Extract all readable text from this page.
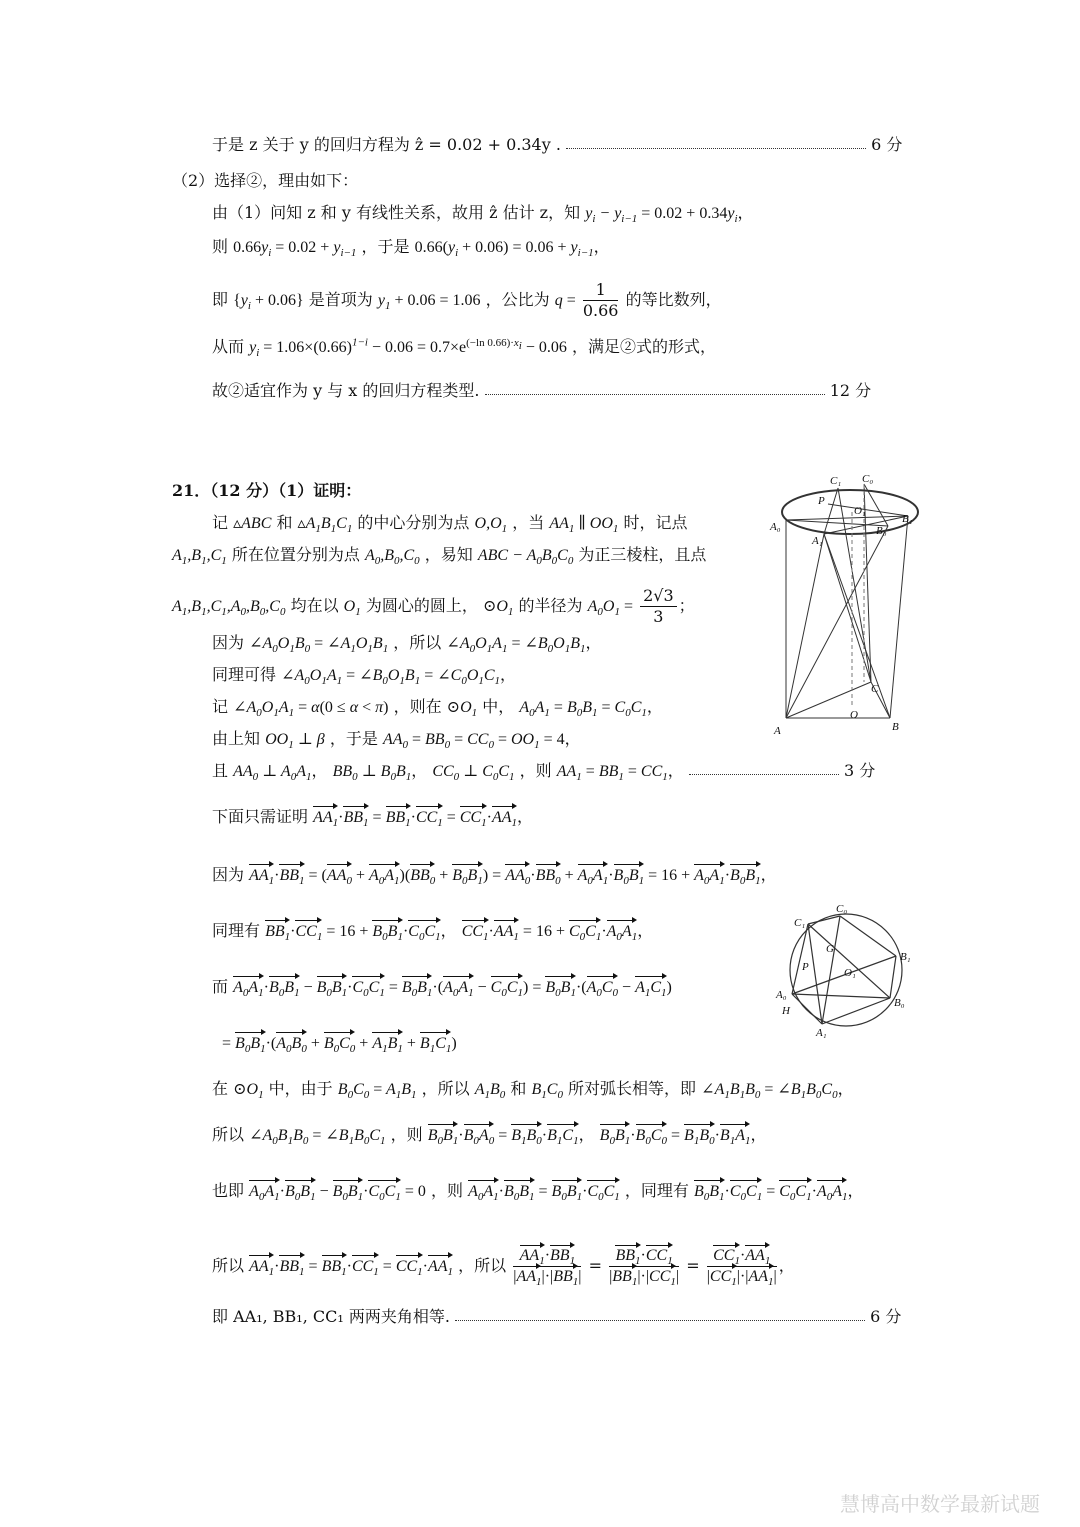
于是 z 关于 y 的回归方程为 ẑ = 0.02 + 0.34y .	6 分
（2）选择②，理由如下：
由（1）问知 z 和 y 有线性关系，故用 ẑ 估计 z，知 $y_i - y_{i-1} = 0.02 + 0.34y_i$，
则 $0.66y_i = 0.02 + y_{i-1}$ ，于是 $0.66(y_i + 0.06) = 0.06 + y_{i-1}$，
即 $\{y_i + 0.06\}$ 是首项为 $y_1 + 0.06 = 1.06$ ，公比为 $q = \frac{1}{0.66}$ 的等比数列，
从而 $y_i = 1.06\times(0.66)^{1-i} - 0.06 = 0.7\times e^{(-ln 0.66)\cdot x_i} - 0.06$ ，满足②式的形式，
故②适宜作为 y 与 x 的回归方程类型.	12 分
21．（12 分）（1）证明：
记 ▵ABC 和 $▵A_1B_1C_1$ 的中心分别为点 $O,O_1$ ，当 $AA_1$ ∥ $OO_1$ 时，记点
$A_1,B_1,C_1$ 所在位置分别为点 $A_0,B_0,C_0$ ，易知 ABC − $A_0B_0C_0$ 为正三棱柱，且点
$A_1,B_1,C_1,A_0,B_0,C_0$ 均在以 $O_1$ 为圆心的圆上， $⊙O_1$ 的半径为 $A_0O_1 = \frac{2√3}{3}$ ；
因为 $\angle A_0O_1B_0$ = $\angle A_1O_1B_1$ ，所以 $\angle A_0O_1A_1$ = $\angle B_0O_1B_1$，
同理可得 $\angle A_0O_1A_1$ = $\angle B_0O_1B_1$ = $\angle C_0O_1C_1$，
记 $\angle A_0O_1A_1 = \alpha(0 \le \alpha < \pi)$ ，则在 $⊙O_1$ 中， $A_0A_1 = B_0B_1 = C_0C_1$，
由上知 $OO_1$ ⊥ β ，于是 $AA_0 = BB_0 = CC_0 = OO_1 = 4$，
且 $AA_0$ ⊥ $A_0A_1$， $BB_0$ ⊥ $B_0B_1$， $CC_0$ ⊥ $C_0C_1$ ，则 $AA_1 = BB_1 = CC_1$，	3 分
下面只需证明 $AA_1\cdot BB_1 = BB_1\cdot CC_1 = CC_1\cdot AA_1$，
因为 $AA_1\cdot BB_1 = (AA_0 + A_0A_1)(BB_0 + B_0B_1) = AA_0\cdot BB_0 + A_0A_1\cdot B_0B_1 = 16 + A_0A_1\cdot B_0B_1$，
同理有 $BB_1\cdot CC_1 = 16 + B_0B_1\cdot C_0C_1$， $CC_1\cdot AA_1 = 16 + C_0C_1\cdot A_0A_1$，
而 $A_0A_1\cdot B_0B_1 - B_0B_1\cdot C_0C_1 = B_0B_1\cdot(A_0A_1 - C_0C_1) = B_0B_1\cdot(A_0C_0 - A_1C_1)$
= $B_0B_1\cdot(A_0B_0 + B_0C_0 + A_1B_1 + B_1C_1)$
在 $⊙O_1$ 中，由于 $B_0C_0 = A_1B_1$ ，所以 $A_1B_0$ 和 $B_1C_0$ 所对弧长相等，即 $\angle A_1B_1B_0$ = $\angle B_1B_0C_0$，
所以 $\angle A_0B_1B_0$ = $\angle B_1B_0C_1$ ，则 $B_0B_1\cdot B_0A_0 = B_1B_0\cdot B_1C_1$， $B_0B_1\cdot B_0C_0 = B_1B_0\cdot B_1A_1$，
也即 $A_0A_1\cdot B_0B_1 - B_0B_1\cdot C_0C_1 = 0$ ，则 $A_0A_1\cdot B_0B_1 = B_0B_1\cdot C_0C_1$ ，同理有 $B_0B_1\cdot C_0C_1 = C_0C_1\cdot A_0A_1$，
所以 $AA_1\cdot BB_1 = BB_1\cdot CC_1 = CC_1\cdot AA_1$ ，所以 $\frac{AA_1\cdot BB_1}{|AA_1|\cdot|BB_1|} = \frac{BB_1\cdot CC_1}{|BB_1|\cdot|CC_1|} = \frac{CC_1\cdot AA_1}{|CC_1|\cdot|AA_1|}$ ，
即 AA₁, BB₁, CC₁ 两两夹角相等.	6 分
C₁ C₀
P
O₁
A₀
B₁
A₁
B₀
C
O
A	B
C₁
C₀
G
B₁
P	O₁
A₀
B₀
H
A₁
慧博高中数学最新试题
